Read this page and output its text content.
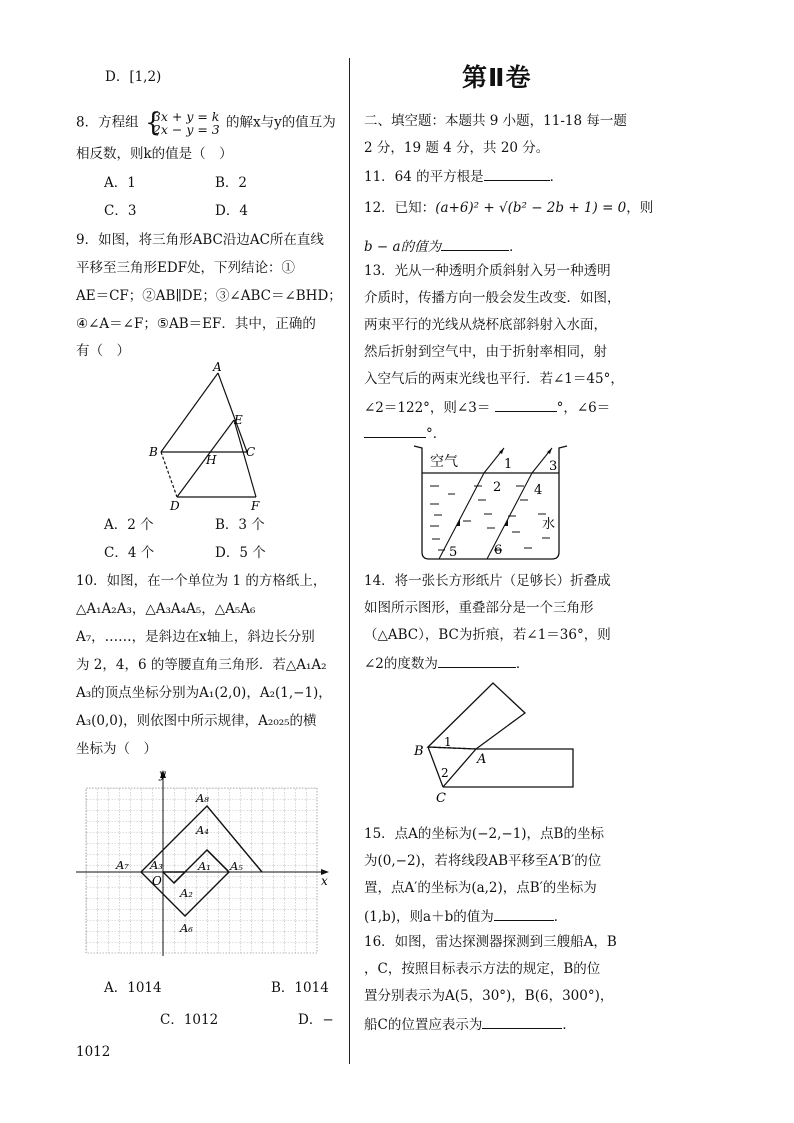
D．[1,2)
8．方程组 {
3x + y = k
2x − y = 3 的解x与y的值互为
相反数，则k的值是（　）
A．1	B．2
C．3	D．4
9．如图，将三角形ABC沿边AC所在直线
平移至三角形EDF处，下列结论：①
AE＝CF；②AB∥DE；③∠ABC＝∠BHD；
④∠A＝∠F；⑤AB＝EF．其中，正确的
有（　）
A
B	C
D
E
F
H
A．2 个	B．3 个
C．4 个	D．5 个
10．如图，在一个单位为 1 的方格纸上，
△A₁A₂A₃，△A₃A₄A₅，△A₅A₆
A₇，……，是斜边在x轴上，斜边长分别
为 2，4，6 的等腰直角三角形．若△A₁A₂
A₃的顶点坐标分别为A₁(2,0)，A₂(1,−1)，
A₃(0,0)，则依图中所示规律，A₂₀₂₅的横
坐标为（　）
y
x
O
A₁
A₂
A₃
A₄
A₅
A₆
A₇
A₈
A．1014	B．1014
C．1012	D．−
1012
第Ⅱ卷
二、填空题：本题共 9 小题，11-18 每一题
2 分，19 题 4 分，共 20 分。
11．64 的平方根是	．
12．已知：(a+6)² + √(b² − 2b + 1) = 0，则
b − a的值为	．
13．光从一种透明介质斜射入另一种透明
介质时，传播方向一般会发生改变．如图，
两束平行的光线从烧杯底部斜射入水面，
然后折射到空气中，由于折射率相同，射
入空气后的两束光线也平行．若∠1＝45°，
∠2＝122°，则∠3＝	°，∠6＝
°．
空气
水
1
2
3
4
5	6
14．将一张长方形纸片（足够长）折叠成
如图所示图形，重叠部分是一个三角形
（△ABC），BC为折痕，若∠1＝36°，则
∠2的度数为	．
B
A
C
1
2
15．点A的坐标为(−2,−1)，点B的坐标
为(0,−2)，若将线段AB平移至A′B′的位
置，点A′的坐标为(a,2)，点B′的坐标为
(1,b)，则a＋b的值为	．
16．如图，雷达探测器探测到三艘船A，B
，C，按照目标表示方法的规定，B的位
置分别表示为A(5，30°)，B(6，300°)，
船C的位置应表示为	．
